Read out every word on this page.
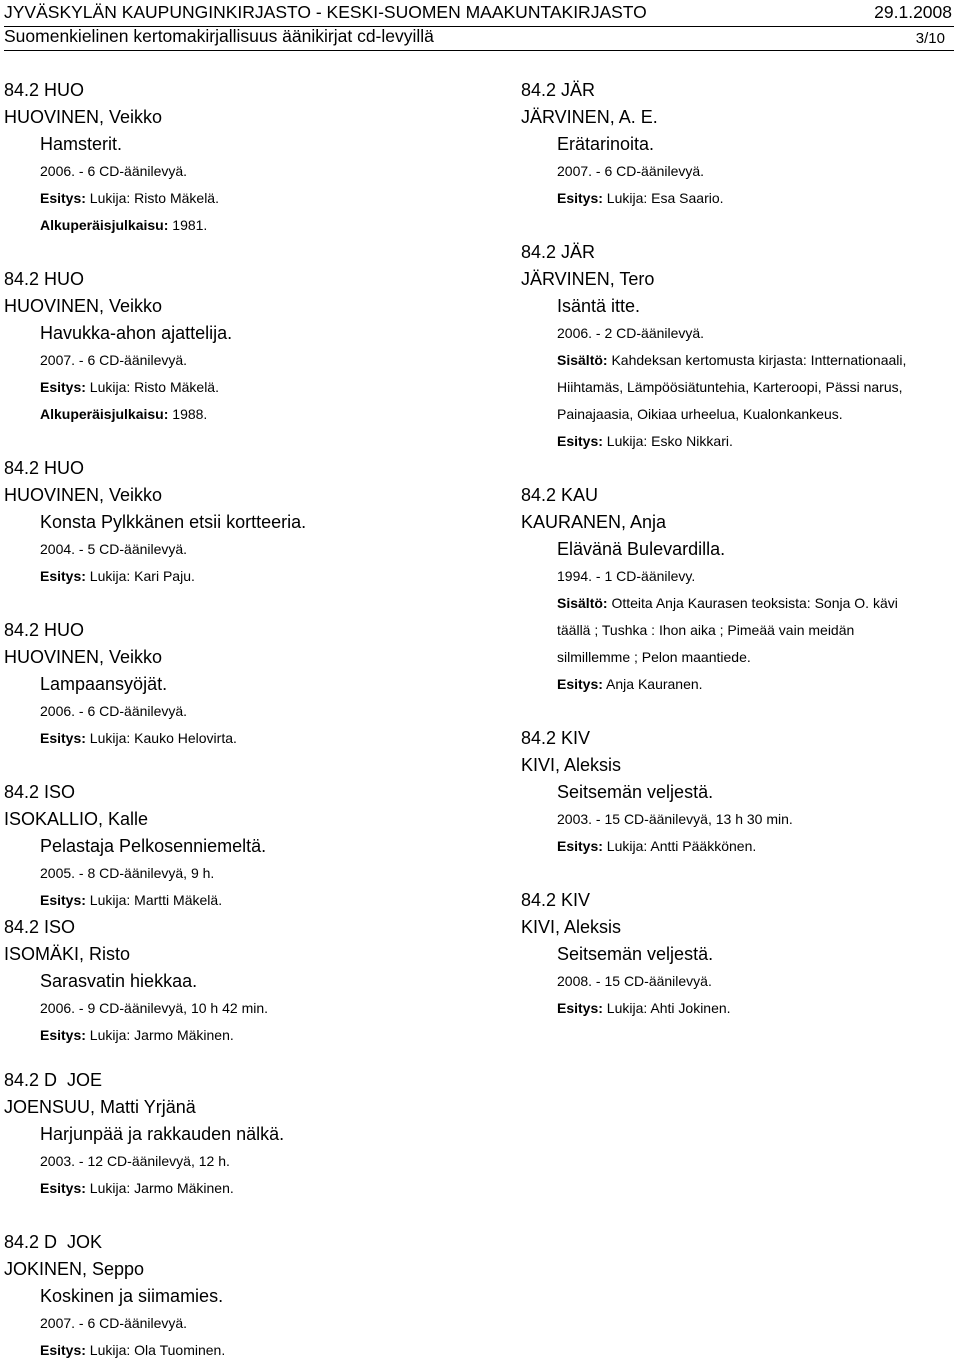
JYVÄSKYLÄN KAUPUNGINKIRJASTO - KESKI-SUOMEN MAAKUNTAKIRJASTO	29.1.2008
Suomenkielinen kertomakirjallisuus äänikirjat cd-levyillä	3/10
84.2 HUO
HUOVINEN, Veikko
Hamsterit.
2006. - 6 CD-äänilevyä.
Esitys: Lukija: Risto Mäkelä.
Alkuperäisjulkaisu: 1981.
84.2 HUO
HUOVINEN, Veikko
Havukka-ahon ajattelija.
2007. - 6 CD-äänilevyä.
Esitys: Lukija: Risto Mäkelä.
Alkuperäisjulkaisu: 1988.
84.2 HUO
HUOVINEN, Veikko
Konsta Pylkkänen etsii kortteeria.
2004. - 5 CD-äänilevyä.
Esitys: Lukija: Kari Paju.
84.2 HUO
HUOVINEN, Veikko
Lampaansyöjät.
2006. - 6 CD-äänilevyä.
Esitys: Lukija: Kauko Helovirta.
84.2 ISO
ISOKALLIO, Kalle
Pelastaja Pelkosenniemeltä.
2005. - 8 CD-äänilevyä, 9 h.
Esitys: Lukija: Martti Mäkelä.
84.2 ISO
ISOMÄKI, Risto
Sarasvatin hiekkaa.
2006. - 9 CD-äänilevyä, 10 h 42 min.
Esitys: Lukija: Jarmo Mäkinen.
84.2 JÄR
JÄRVINEN, A. E.
Erätarinoita.
2007. - 6 CD-äänilevyä.
Esitys: Lukija: Esa Saario.
84.2 JÄR
JÄRVINEN, Tero
Isäntä itte.
2006. - 2 CD-äänilevyä.
Sisältö: Kahdeksan kertomusta kirjasta: Intternationaali,
Hiihtamäs, Lämpöösiätuntehia, Karteroopi, Pässi narus,
Painajaasia, Oikiaa urheelua, Kualonkankeus.
Esitys: Lukija: Esko Nikkari.
84.2 KAU
KAURANEN, Anja
Elävänä Bulevardilla.
1994. - 1 CD-äänilevy.
Sisältö: Otteita Anja Kaurasen teoksista: Sonja O. kävi
täällä ; Tushka : Ihon aika ; Pimeää vain meidän
silmillemme ; Pelon maantiede.
Esitys: Anja Kauranen.
84.2 KIV
KIVI, Aleksis
Seitsemän veljestä.
2003. - 15 CD-äänilevyä, 13 h 30 min.
Esitys: Lukija: Antti Pääkkönen.
84.2 KIV
KIVI, Aleksis
Seitsemän veljestä.
2008. - 15 CD-äänilevyä.
Esitys: Lukija: Ahti Jokinen.
84.2 D  JOE
JOENSUU, Matti Yrjänä
Harjunpää ja rakkauden nälkä.
2003. - 12 CD-äänilevyä, 12 h.
Esitys: Lukija: Jarmo Mäkinen.
84.2 D  JOK
JOKINEN, Seppo
Koskinen ja siimamies.
2007. - 6 CD-äänilevyä.
Esitys: Lukija: Ola Tuominen.
